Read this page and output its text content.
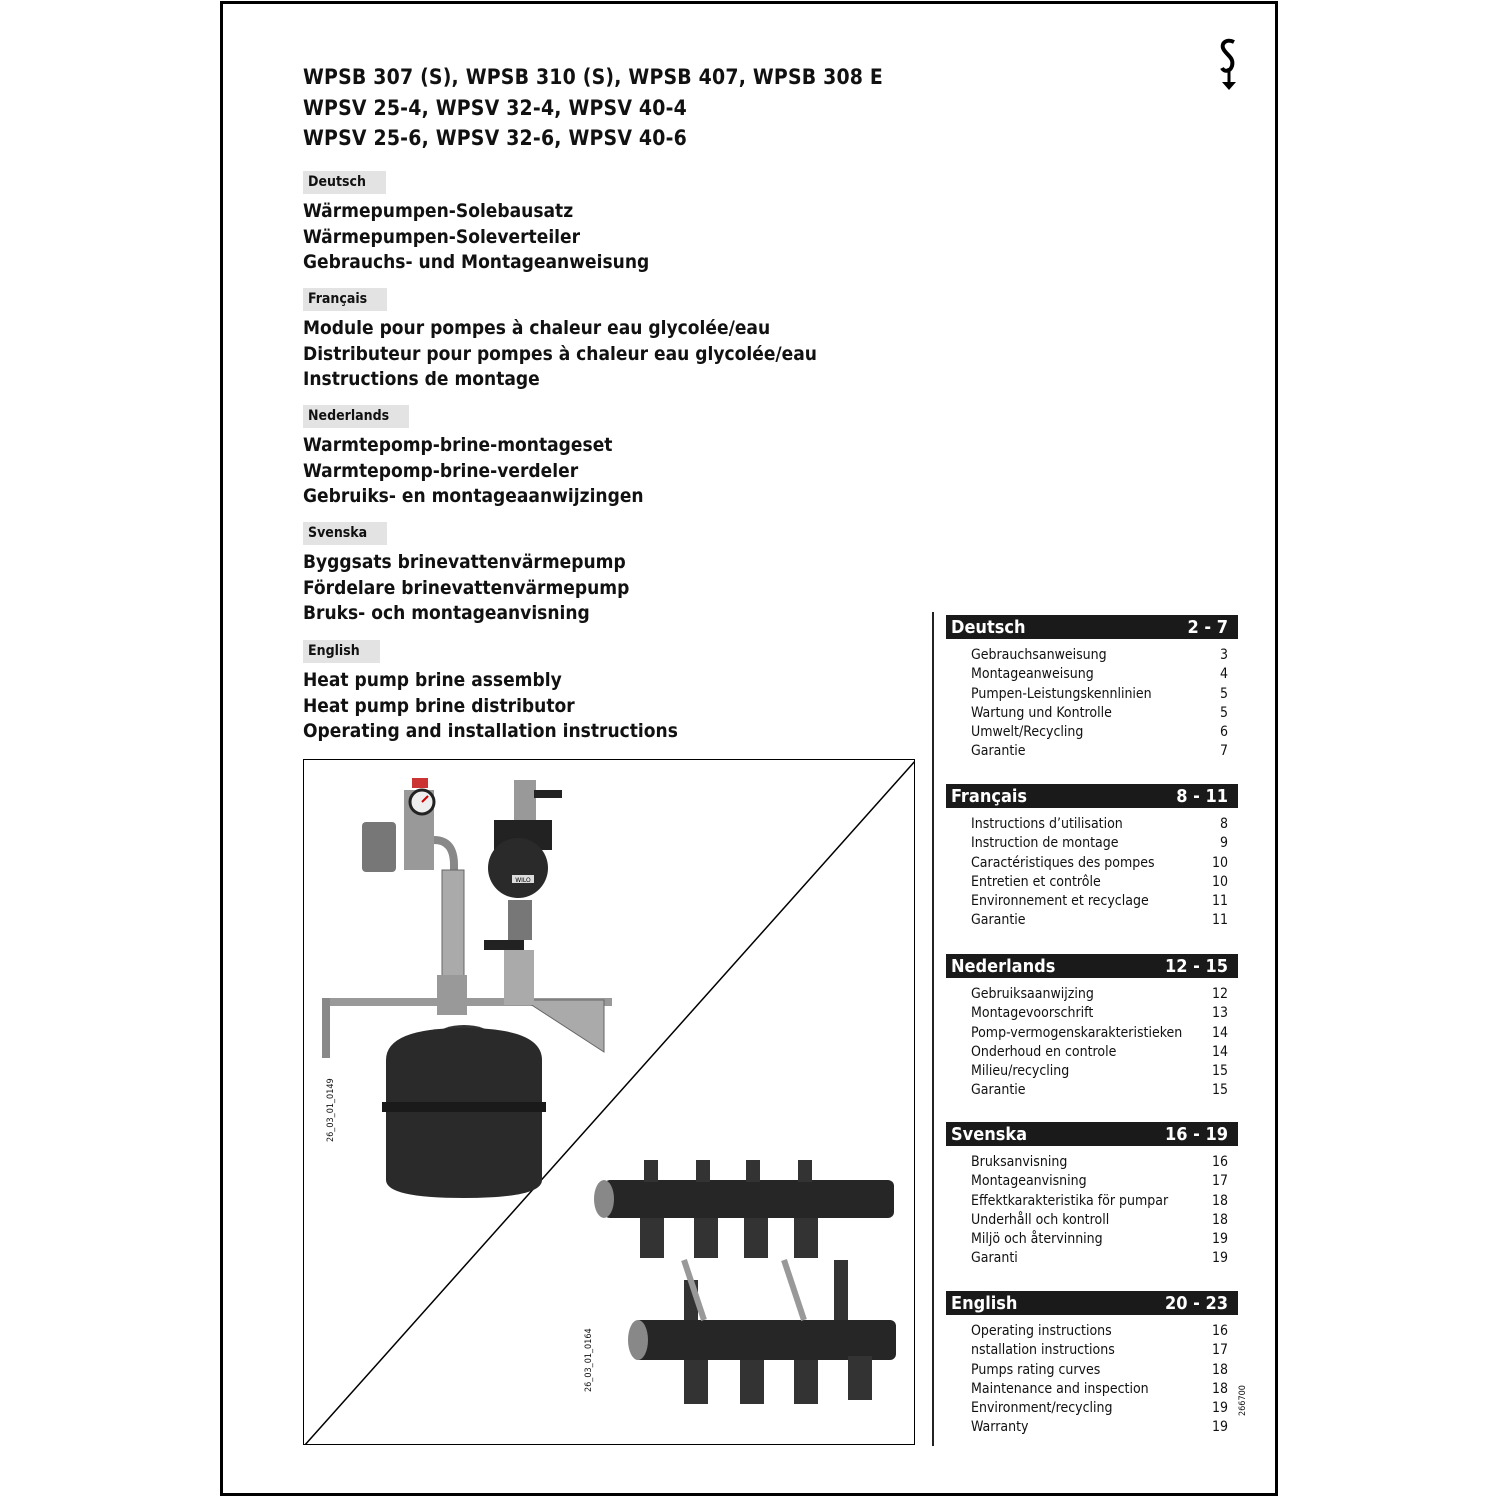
WPSB 307 (S), WPSB 310 (S), WPSB 407, WPSB 308 E
WPSV 25-4, WPSV 32-4, WPSV 40-4
WPSV 25-6, WPSV 32-6, WPSV 40-6
Deutsch
Wärmepumpen-Solebausatz
Wärmepumpen-Soleverteiler
Gebrauchs- und Montageanweisung
Français
Module pour pompes à chaleur eau glycolée/eau
Distributeur pour pompes à chaleur eau glycolée/eau
Instructions de montage
Nederlands
Warmtepomp-brine-montageset
Warmtepomp-brine-verdeler
Gebruiks- en montageaanwijzingen
Svenska
Byggsats brinevattenvärmepump
Fördelare brinevattenvärmepump
Bruks- och montageanvisning
English
Heat pump brine assembly
Heat pump brine distributor
Operating and installation instructions
WILO
26_03_01_0149
26_03_01_0164
Deutsch	2 - 7
Gebrauchsanweisung	3
Montageanweisung	4
Pumpen-Leistungskennlinien	5
Wartung und Kontrolle	5
Umwelt/Recycling	6
Garantie	7
Français	8 - 11
Instructions d’utilisation	8
Instruction de montage	9
Caractéristiques des pompes	10
Entretien et contrôle	10
Environnement et recyclage	11
Garantie	11
Nederlands	12 - 15
Gebruiksaanwijzing	12
Montagevoorschrift	13
Pomp-vermogenskarakteristieken 14
Onderhoud en controle	14
Milieu/recycling	15
Garantie	15
Svenska	16 - 19
Bruksanvisning	16
Montageanvisning	17
Effektkarakteristika för pumpar	18
Underhåll och kontroll	18
Miljö och återvinning	19
Garanti	19
English	20 - 23
Operating instructions	16
nstallation instructions	17
Pumps rating curves	18
Maintenance and inspection	18
Environment/recycling	19
Warranty	19
266700
